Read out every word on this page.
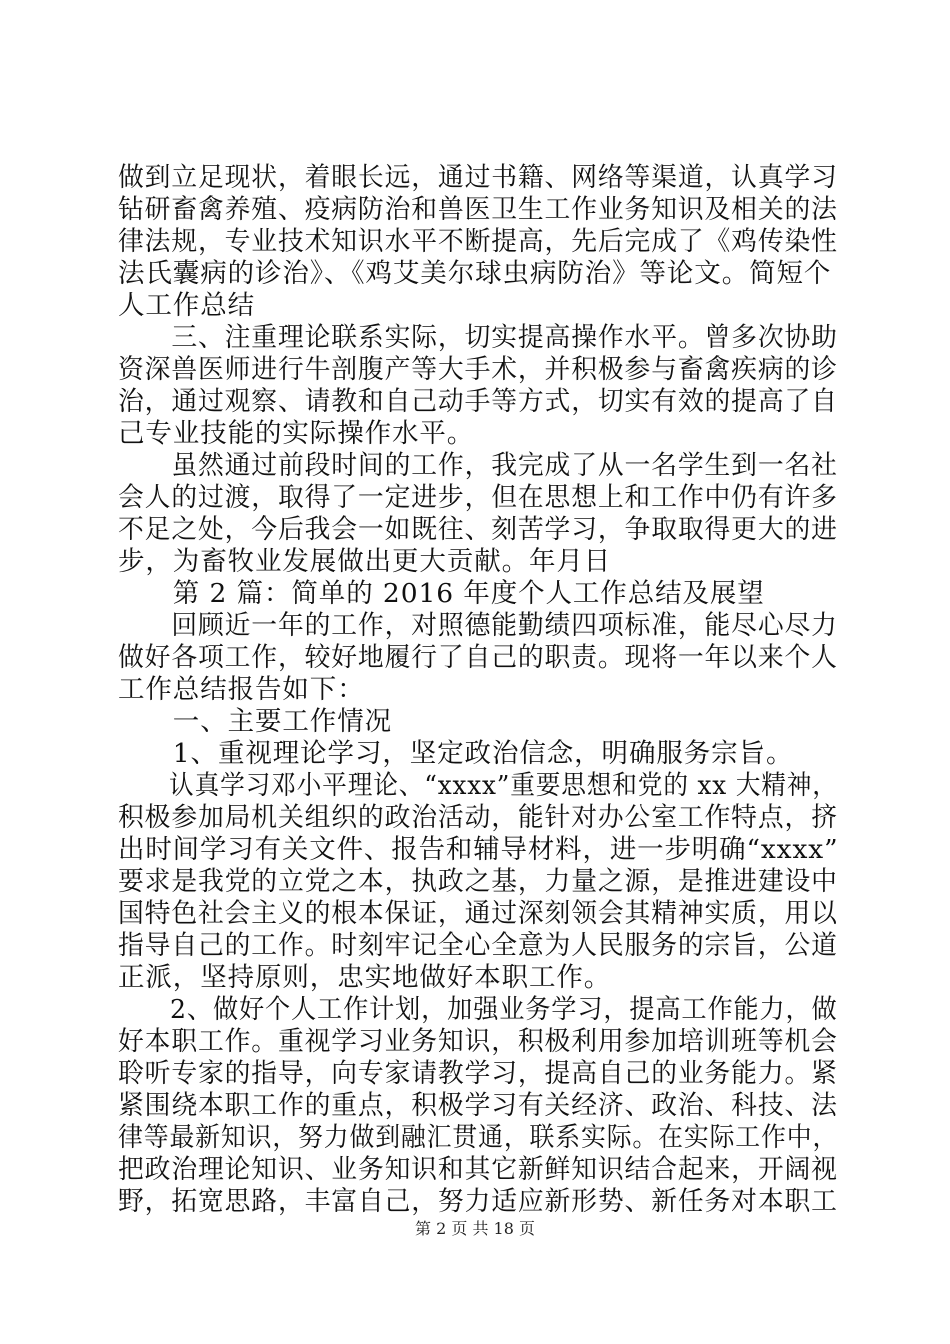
做到立足现状，着眼长远，通过书籍、网络等渠道，认真学习
钻研畜禽养殖、疫病防治和兽医卫生工作业务知识及相关的法
律法规，专业技术知识水平不断提高，先后完成了《鸡传染性
法氏囊病的诊治》、《鸡艾美尔球虫病防治》等论文。简短个
人工作总结
　　三、注重理论联系实际，切实提高操作水平。曾多次协助
资深兽医师进行牛剖腹产等大手术，并积极参与畜禽疾病的诊
治，通过观察、请教和自己动手等方式，切实有效的提高了自
己专业技能的实际操作水平。
　　虽然通过前段时间的工作，我完成了从一名学生到一名社
会人的过渡，取得了一定进步，但在思想上和工作中仍有许多
不足之处，今后我会一如既往、刻苦学习，争取取得更大的进
步，为畜牧业发展做出更大贡献。年月日
　　第 2 篇：简单的 2016 年度个人工作总结及展望
　　回顾近一年的工作，对照德能勤绩四项标准，能尽心尽力
做好各项工作，较好地履行了自己的职责。现将一年以来个人
工作总结报告如下：
　　一、主要工作情况
　　1、重视理论学习，坚定政治信念，明确服务宗旨。
　　认真学习邓小平理论、“xxxx”重要思想和党的 xx 大精神，
积极参加局机关组织的政治活动，能针对办公室工作特点，挤
出时间学习有关文件、报告和辅导材料，进一步明确“xxxx”
要求是我党的立党之本，执政之基，力量之源，是推进建设中
国特色社会主义的根本保证，通过深刻领会其精神实质，用以
指导自己的工作。时刻牢记全心全意为人民服务的宗旨，公道
正派，坚持原则，忠实地做好本职工作。
　　2、做好个人工作计划，加强业务学习，提高工作能力，做
好本职工作。重视学习业务知识，积极利用参加培训班等机会
聆听专家的指导，向专家请教学习，提高自己的业务能力。紧
紧围绕本职工作的重点，积极学习有关经济、政治、科技、法
律等最新知识，努力做到融汇贯通，联系实际。在实际工作中，
把政治理论知识、业务知识和其它新鲜知识结合起来，开阔视
野，拓宽思路，丰富自己，努力适应新形势、新任务对本职工
第 2 页 共 18 页
